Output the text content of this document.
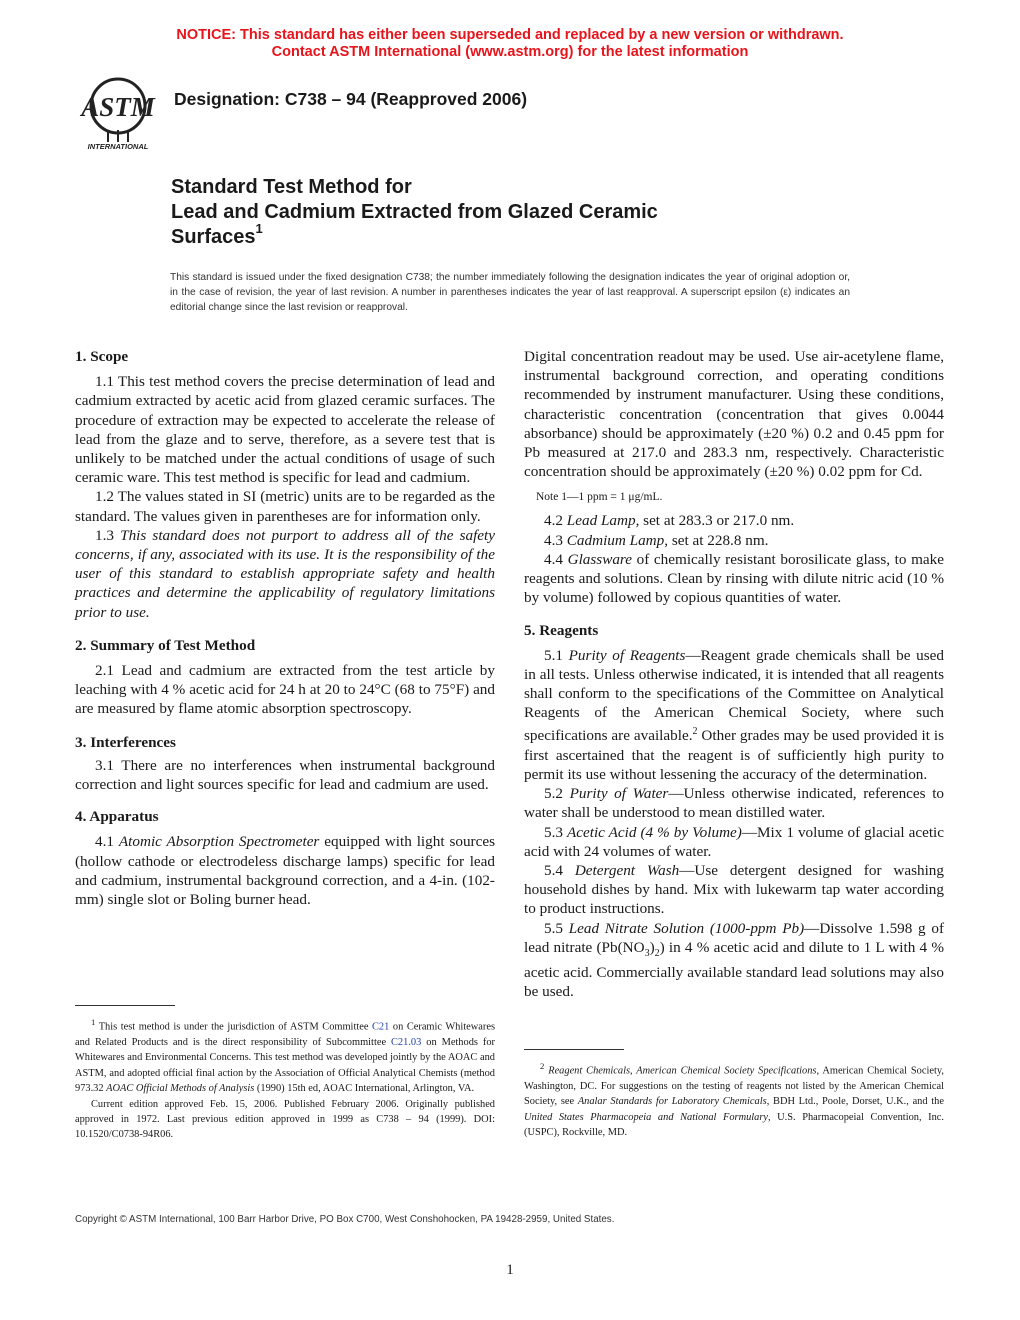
NOTICE: This standard has either been superseded and replaced by a new version or withdrawn.
Contact ASTM International (www.astm.org) for the latest information
ASTM
INTERNATIONAL
Designation: C738 – 94 (Reapproved 2006)
Standard Test Method for
Lead and Cadmium Extracted from Glazed Ceramic
Surfaces$^1$
This standard is issued under the fixed designation C738; the number immediately following the designation indicates the year of original adoption or, in the case of revision, the year of last revision. A number in parentheses indicates the year of last reapproval. A superscript epsilon (ε) indicates an editorial change since the last revision or reapproval.

1. Scope

1.1 This test method covers the precise determination of lead and cadmium extracted by acetic acid from glazed ceramic surfaces. The procedure of extraction may be expected to accelerate the release of lead from the glaze and to serve, therefore, as a severe test that is unlikely to be matched under the actual conditions of usage of such ceramic ware. This test method is specific for lead and cadmium.

1.2 The values stated in SI (metric) units are to be regarded as the standard. The values given in parentheses are for information only.

1.3 This standard does not purport to address all of the safety concerns, if any, associated with its use. It is the responsibility of the user of this standard to establish appropriate safety and health practices and determine the applicability of regulatory limitations prior to use.

2. Summary of Test Method

2.1 Lead and cadmium are extracted from the test article by leaching with 4 % acetic acid for 24 h at 20 to 24°C (68 to 75°F) and are measured by flame atomic absorption spectroscopy.

3. Interferences

3.1 There are no interferences when instrumental background correction and light sources specific for lead and cadmium are used.

4. Apparatus

4.1 Atomic Absorption Spectrometer equipped with light sources (hollow cathode or electrodeless discharge lamps) specific for lead and cadmium, instrumental background correction, and a 4-in. (102-mm) single slot or Boling burner head.

$^1$ This test method is under the jurisdiction of ASTM Committee C21 on Ceramic Whitewares and Related Products and is the direct responsibility of Subcommittee C21.03 on Methods for Whitewares and Environmental Concerns. This test method was developed jointly by the AOAC and ASTM, and adopted official final action by the Association of Official Analytical Chemists (method 973.32 AOAC Official Methods of Analysis (1990) 15th ed, AOAC International, Arlington, VA.

Current edition approved Feb. 15, 2006. Published February 2006. Originally published approved in 1972. Last previous edition approved in 1999 as C738 – 94 (1999). DOI: 10.1520/C0738-94R06.

Digital concentration readout may be used. Use air-acetylene flame, instrumental background correction, and operating conditions recommended by instrument manufacturer. Using these conditions, characteristic concentration (concentration that gives 0.0044 absorbance) should be approximately (±20 %) 0.2 and 0.45 ppm for Pb measured at 217.0 and 283.3 nm, respectively. Characteristic concentration should be approximately (±20 %) 0.02 ppm for Cd.

Note 1—1 ppm = 1 μg/mL.

4.2 Lead Lamp, set at 283.3 or 217.0 nm.

4.3 Cadmium Lamp, set at 228.8 nm.

4.4 Glassware of chemically resistant borosilicate glass, to make reagents and solutions. Clean by rinsing with dilute nitric acid (10 % by volume) followed by copious quantities of water.

5. Reagents

5.1 Purity of Reagents—Reagent grade chemicals shall be used in all tests. Unless otherwise indicated, it is intended that all reagents shall conform to the specifications of the Committee on Analytical Reagents of the American Chemical Society, where such specifications are available.$^2$ Other grades may be used provided it is first ascertained that the reagent is of sufficiently high purity to permit its use without lessening the accuracy of the determination.

5.2 Purity of Water—Unless otherwise indicated, references to water shall be understood to mean distilled water.

5.3 Acetic Acid (4 % by Volume)—Mix 1 volume of glacial acetic acid with 24 volumes of water.

5.4 Detergent Wash—Use detergent designed for washing household dishes by hand. Mix with lukewarm tap water according to product instructions.

5.5 Lead Nitrate Solution (1000-ppm Pb)—Dissolve 1.598 g of lead nitrate $(Pb(NO_3)_2)$ in 4 % acetic acid and dilute to 1 L with 4 % acetic acid. Commercially available standard lead solutions may also be used.

$^2$ Reagent Chemicals, American Chemical Society Specifications, American Chemical Society, Washington, DC. For suggestions on the testing of reagents not listed by the American Chemical Society, see Analar Standards for Laboratory Chemicals, BDH Ltd., Poole, Dorset, U.K., and the United States Pharmacopeia and National Formulary, U.S. Pharmacopeial Convention, Inc. (USPC), Rockville, MD.

Copyright © ASTM International, 100 Barr Harbor Drive, PO Box C700, West Conshohocken, PA 19428-2959, United States.
1
